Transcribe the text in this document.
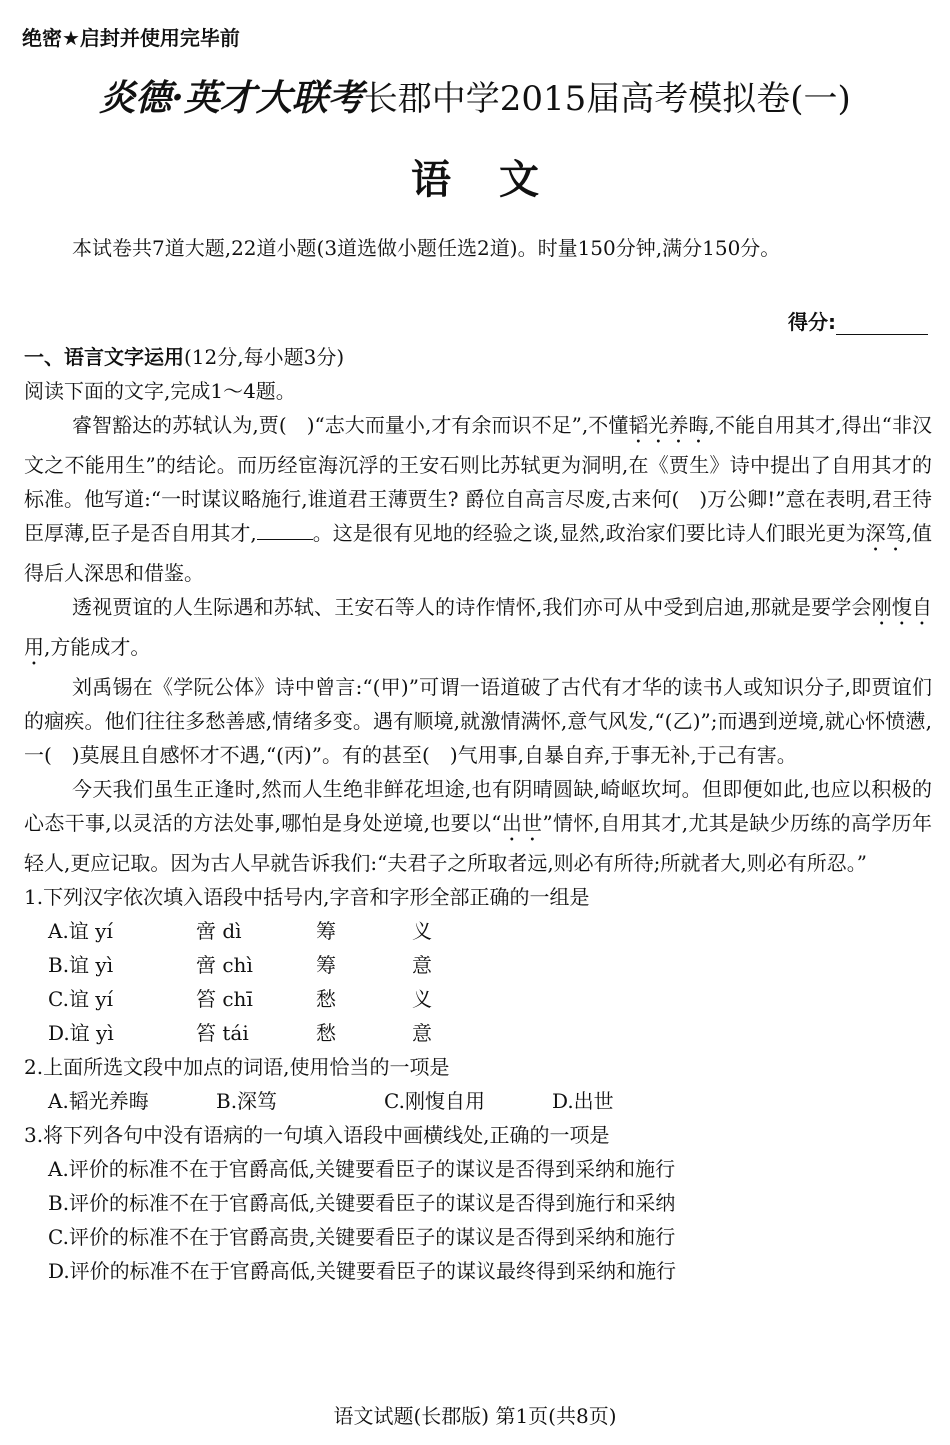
绝密★启封并使用完毕前
炎德·英才大联考长郡中学2015届高考模拟卷(一)
语文
本试卷共7道大题,22道小题(3道选做小题任选2道)。时量150分钟,满分150分。
得分:
一、语言文字运用(12分,每小题3分)
阅读下面的文字,完成1～4题。
睿智豁达的苏轼认为,贾(　)“志大而量小,才有余而识不足”,不懂韬光养晦,不能自用其才,得出“非汉文之不能用生”的结论。而历经宦海沉浮的王安石则比苏轼更为洞明,在《贾生》诗中提出了自用其才的标准。他写道:“一时谋议略施行,谁道君王薄贾生? 爵位自高言尽废,古来何(　)万公卿!”意在表明,君王待臣厚薄,臣子是否自用其才,	。这是很有见地的经验之谈,显然,政治家们要比诗人们眼光更为深笃,值得后人深思和借鉴。
透视贾谊的人生际遇和苏轼、王安石等人的诗作情怀,我们亦可从中受到启迪,那就是要学会刚愎自用,方能成才。
刘禹锡在《学阮公体》诗中曾言:“(甲)”可谓一语道破了古代有才华的读书人或知识分子,即贾谊们的痼疾。他们往往多愁善感,情绪多变。遇有顺境,就激情满怀,意气风发,“(乙)”;而遇到逆境,就心怀愤懑,一(　)莫展且自感怀才不遇,“(丙)”。有的甚至(　)气用事,自暴自弃,于事无补,于己有害。
今天我们虽生正逢时,然而人生绝非鲜花坦途,也有阴晴圆缺,崎岖坎坷。但即便如此,也应以积极的心态干事,以灵活的方法处事,哪怕是身处逆境,也要以“出世”情怀,自用其才,尤其是缺少历练的高学历年轻人,更应记取。因为古人早就告诉我们:“夫君子之所取者远,则必有所待;所就者大,则必有所忍。”
1.下列汉字依次填入语段中括号内,字音和字形全部正确的一组是
A.谊 yí	啻 dì	筹	义
B.谊 yì	啻 chì	筹	意
C.谊 yí	笞 chī	愁	义
D.谊 yì	笞 tái	愁	意
2.上面所选文段中加点的词语,使用恰当的一项是
A.韬光养晦	B.深笃	C.刚愎自用	D.出世
3.将下列各句中没有语病的一句填入语段中画横线处,正确的一项是
A.评价的标准不在于官爵高低,关键要看臣子的谋议是否得到采纳和施行
B.评价的标准不在于官爵高低,关键要看臣子的谋议是否得到施行和采纳
C.评价的标准不在于官爵高贵,关键要看臣子的谋议是否得到采纳和施行
D.评价的标准不在于官爵高低,关键要看臣子的谋议最终得到采纳和施行
语文试题(长郡版) 第1页(共8页)
